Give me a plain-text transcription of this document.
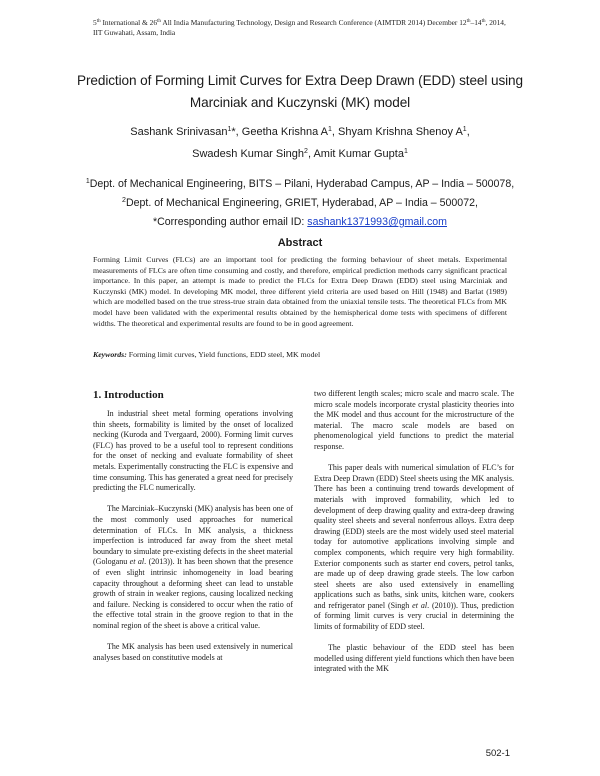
5th International & 26th All India Manufacturing Technology, Design and Research Conference (AIMTDR 2014) December 12th–14th, 2014,
IIT Guwahati, Assam, India
Prediction of Forming Limit Curves for Extra Deep Drawn (EDD) steel using Marciniak and Kuczynski (MK) model
Sashank Srinivasan$^1$*, Geetha Krishna $A^1$, Shyam Krishna Shenoy $A^1$,
Swadesh Kumar Singh$^2$, Amit Kumar Gupta$^1$
$^1$Dept. of Mechanical Engineering, BITS – Pilani, Hyderabad Campus, AP – India – 500078,
$^2$Dept. of Mechanical Engineering, GRIET, Hyderabad, AP – India – 500072,
*Corresponding author email ID: sashank1371993@gmail.com
Abstract

Forming Limit Curves (FLCs) are an important tool for predicting the forming behaviour of sheet metals. Experimental measurements of FLCs are often time consuming and costly, and therefore, empirical prediction methods carry significant practical importance. In this paper, an attempt is made to predict the FLCs for Extra Deep Drawn (EDD) steel using Marciniak and Kuczynski (MK) model. In developing MK model, three different yield criteria are used based on Hill (1948) and Barlat (1989) which are modelled based on the true stress-true strain data obtained from the uniaxial tensile tests. The theoretical FLCs from MK model have been validated with the experimental results obtained by the hemispherical dome tests with specimens of different widths. The theoretical and experimental results are found to be in good agreement.

Keywords: Forming limit curves, Yield functions, EDD steel, MK model
1. Introduction

In industrial sheet metal forming operations involving thin sheets, formability is limited by the onset of localized necking (Kuroda and Tvergaard, 2000). Forming limit curves (FLC) has proved to be a useful tool to represent conditions for the onset of necking and evaluate formability of sheet metals. Experimentally constructing the FLC is expensive and time consuming. This has generated a great need for precisely predicting the FLC numerically.

The Marciniak–Kuczynski (MK) analysis has been one of the most commonly used approaches for numerical determination of FLCs. In MK analysis, a thickness imperfection is introduced far away from the sheet metal boundary to simulate pre-existing defects in the sheet material (Gologanu et al. (2013)). It has been shown that the presence of even slight intrinsic inhomogeneity in load bearing capacity throughout a deforming sheet can lead to unstable growth of strain in weaker regions, causing localized necking and failure. Necking is considered to occur when the ratio of the effective total strain in the groove region to that in the nominal region of the sheet is above a critical value.

The MK analysis has been used extensively in numerical analyses based on constitutive models at

two different length scales; micro scale and macro scale. The micro scale models incorporate crystal plasticity theories into the MK model and thus account for the microstructure of the material. The macro scale models are based on phenomenological yield functions to predict the material response.

This paper deals with numerical simulation of FLC’s for Extra Deep Drawn (EDD) Steel sheets using the MK analysis. There has been a continuing trend towards development of materials with improved formability, which led to development of deep drawing quality and extra-deep drawing quality steel sheets and several nonferrous alloys. Extra deep drawing (EDD) steels are the most widely used steel material today for automotive applications involving simple and complex components, which require very high formability. Exterior components such as starter end covers, petrol tanks, are made up of deep drawing grade steels. The low carbon steel sheets are also used extensively in enamelling applications such as baths, sink units, kitchen ware, cookers and refrigerator panel (Singh et al. (2010)). Thus, prediction of forming limit curves is very crucial in determining the limits of formability of EDD steel.

The plastic behaviour of the EDD steel has been modelled using different yield functions which then have been integrated with the MK

502-1
